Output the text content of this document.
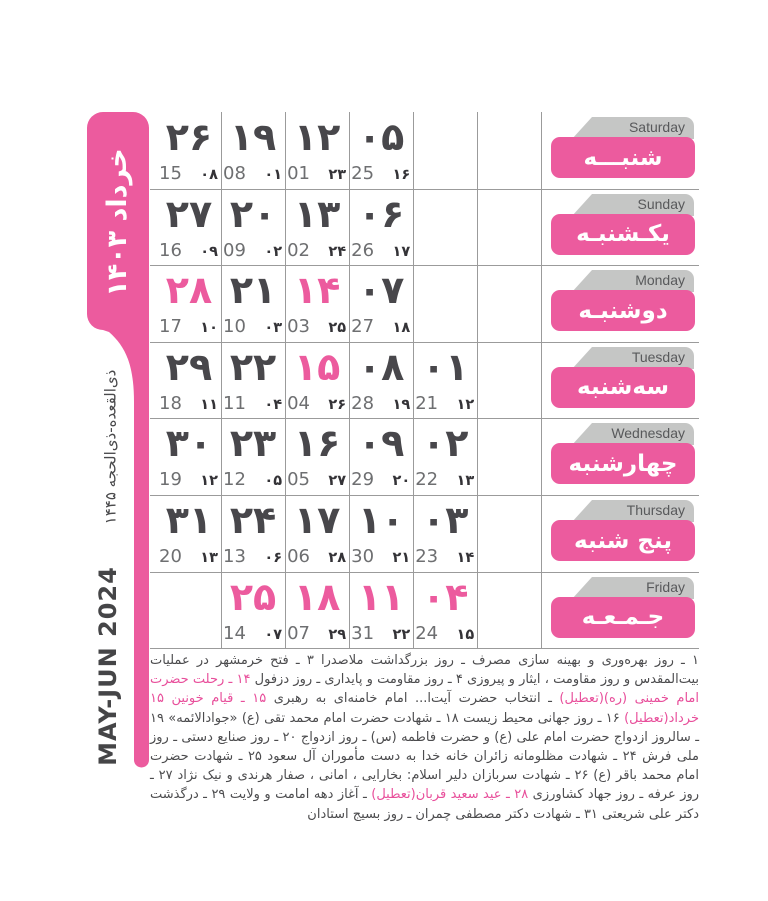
خرداد ۱۴۰۳
ذی‌القعده-ذی‌الحجه ۱۴۴۵
MAY-JUN 2024
۲۶
15 ۰۸
۱۹
08 ۰۱
۱۲
01 ۲۳
۰۵
25 ۱۶
Saturday
شنبـــه
۲۷
16 ۰۹
۲۰
09 ۰۲
۱۳
02 ۲۴
۰۶
26 ۱۷
Sunday
یکـشنبـه
۲۸
17 ۱۰
۲۱
10 ۰۳
۱۴
03 ۲۵
۰۷
27 ۱۸
Monday
دوشنبـه
۲۹
18 ۱۱
۲۲
11 ۰۴
۱۵
04 ۲۶
۰۸
28 ۱۹
۰۱
21 ۱۲
Tuesday
سه‌شنبه
۳۰
19 ۱۲
۲۳
12 ۰۵
۱۶
05 ۲۷
۰۹
29 ۲۰
۰۲
22 ۱۳
Wednesday
چهارشنبه
۳۱
20 ۱۳
۲۴
13 ۰۶
۱۷
06 ۲۸
۱۰
30 ۲۱
۰۳
23 ۱۴
Thursday
پنج شنبه
۲۵
14 ۰۷
۱۸
07 ۲۹
۱۱
31 ۲۲
۰۴
24 ۱۵
Friday
جـمـعـه
۱ ـ روز بهره‌وری و بهینه سازی مصرف ـ روز بزرگداشت ملاصدرا ۳ ـ فتح خرمشهر در عملیات بیت‌المقدس و روز مقاومت ، ایثار و پیروزی ۴ ـ روز مقاومت و پایداری ـ روز دزفول ۱۴ ـ رحلت حضرت امام خمینی (ره)(تعطیل) ـ انتخاب حضرت آیت‌ا... امام خامنه‌ای به رهبری ۱۵ ـ قیام خونین ۱۵ خرداد(تعطیل) ۱۶ ـ روز جهانی محیط زیست ۱۸ ـ شهادت حضرت امام محمد تقی (ع) «جوادالائمه» ۱۹ ـ سالروز ازدواج حضرت امام علی (ع) و حضرت فاطمه (س) ـ روز ازدواج ۲۰ ـ روز صنایع دستی ـ روز ملی فرش ۲۴ ـ شهادت مظلومانه زائران خانه خدا به دست مأموران آل سعود ۲۵ ـ شهادت حضرت امام محمد باقر (ع) ۲۶ ـ شهادت سربازان دلیر اسلام: بخارایی ، امانی ، صفار هرندی و نیک نژاد ۲۷ ـ روز عرفه ـ روز جهاد کشاورزی ۲۸ ـ عید سعید قربان(تعطیل) ـ آغاز دهه امامت و ولایت ۲۹ ـ درگذشت دکتر علی شریعتی ۳۱ ـ شهادت دکتر مصطفی چمران ـ روز بسیج استادان
